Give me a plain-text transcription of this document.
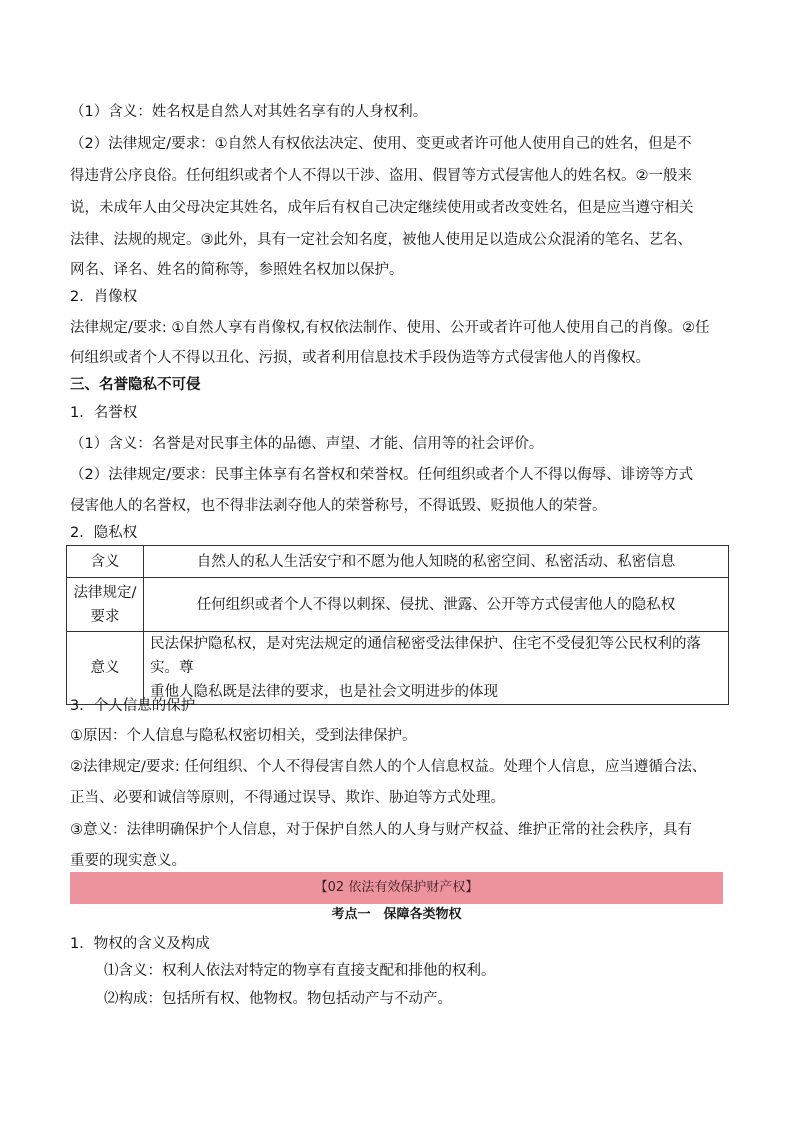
（1）含义：姓名权是自然人对其姓名享有的人身权利。
（2）法律规定/要求：①自然人有权依法决定、使用、变更或者许可他人使用自己的姓名，但是不
得违背公序良俗。任何组织或者个人不得以干涉、盗用、假冒等方式侵害他人的姓名权。②一般来
说，未成年人由父母决定其姓名，成年后有权自己决定继续使用或者改变姓名，但是应当遵守相关
法律、法规的规定。③此外，具有一定社会知名度，被他人使用足以造成公众混淆的笔名、艺名、
网名、译名、姓名的简称等，参照姓名权加以保护。
2．肖像权
法律规定/要求: ①自然人享有肖像权,有权依法制作、使用、公开或者许可他人使用自己的肖像。②任
何组织或者个人不得以丑化、污损，或者利用信息技术手段伪造等方式侵害他人的肖像权。
三、名誉隐私不可侵
1．名誉权
（1）含义：名誉是对民事主体的品德、声望、才能、信用等的社会评价。
（2）法律规定/要求：民事主体享有名誉权和荣誉权。任何组织或者个人不得以侮辱、诽谤等方式
侵害他人的名誉权，也不得非法剥夺他人的荣誉称号，不得诋毁、贬损他人的荣誉。
2．隐私权
含义	自然人的私人生活安宁和不愿为他人知晓的私密空间、私密活动、私密信息

法律规定/
要求	任何组织或者个人不得以刺探、侵扰、泄露、公开等方式侵害他人的隐私权
意义	民法保护隐私权，是对宪法规定的通信秘密受法律保护、住宅不受侵犯等公民权利的落实。尊
重他人隐私既是法律的要求，也是社会文明进步的体现
3．个人信息的保护
①原因：个人信息与隐私权密切相关，受到法律保护。
②法律规定/要求: 任何组织、个人不得侵害自然人的个人信息权益。处理个人信息，应当遵循合法、
正当、必要和诚信等原则，不得通过误导、欺诈、胁迫等方式处理。
③意义：法律明确保护个人信息，对于保护自然人的人身与财产权益、维护正常的社会秩序，具有
重要的现实意义。
【02 依法有效保护财产权】
考点一　保障各类物权
1．物权的含义及构成
⑴含义：权利人依法对特定的物享有直接支配和排他的权利。
⑵构成：包括所有权、他物权。物包括动产与不动产。
